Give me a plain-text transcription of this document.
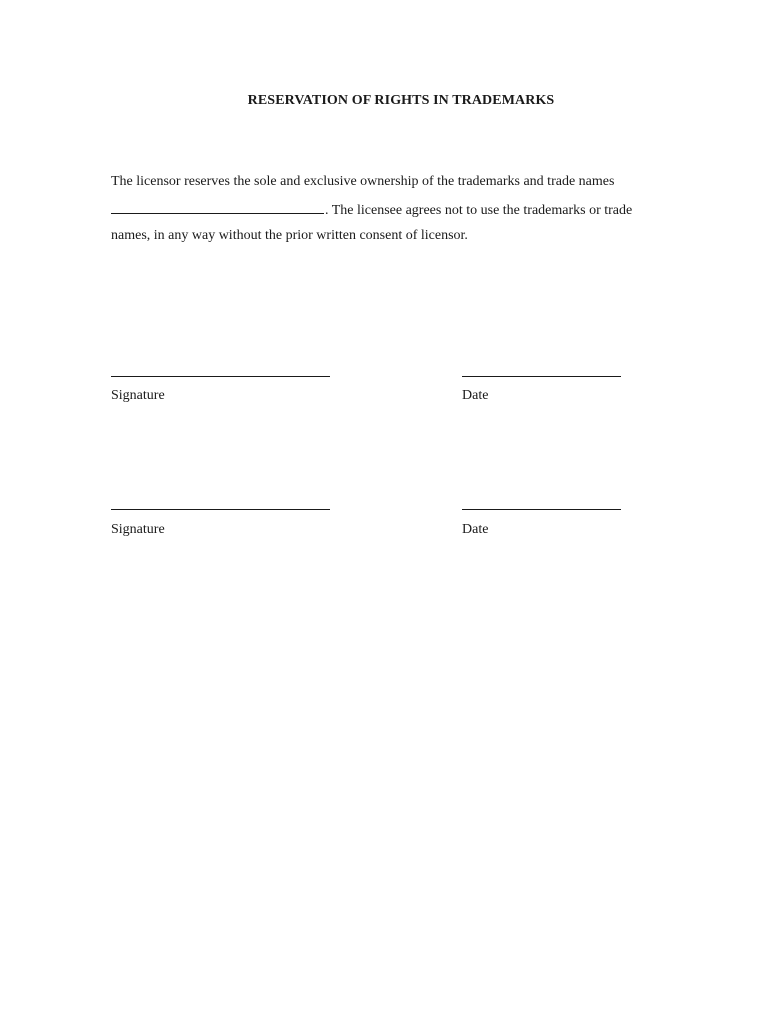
RESERVATION OF RIGHTS IN TRADEMARKS
The licensor reserves the sole and exclusive ownership of the trademarks and trade names
. The licensee agrees not to use the trademarks or trade
names, in any way without the prior written consent of licensor.
Signature	Date
Signature	Date
